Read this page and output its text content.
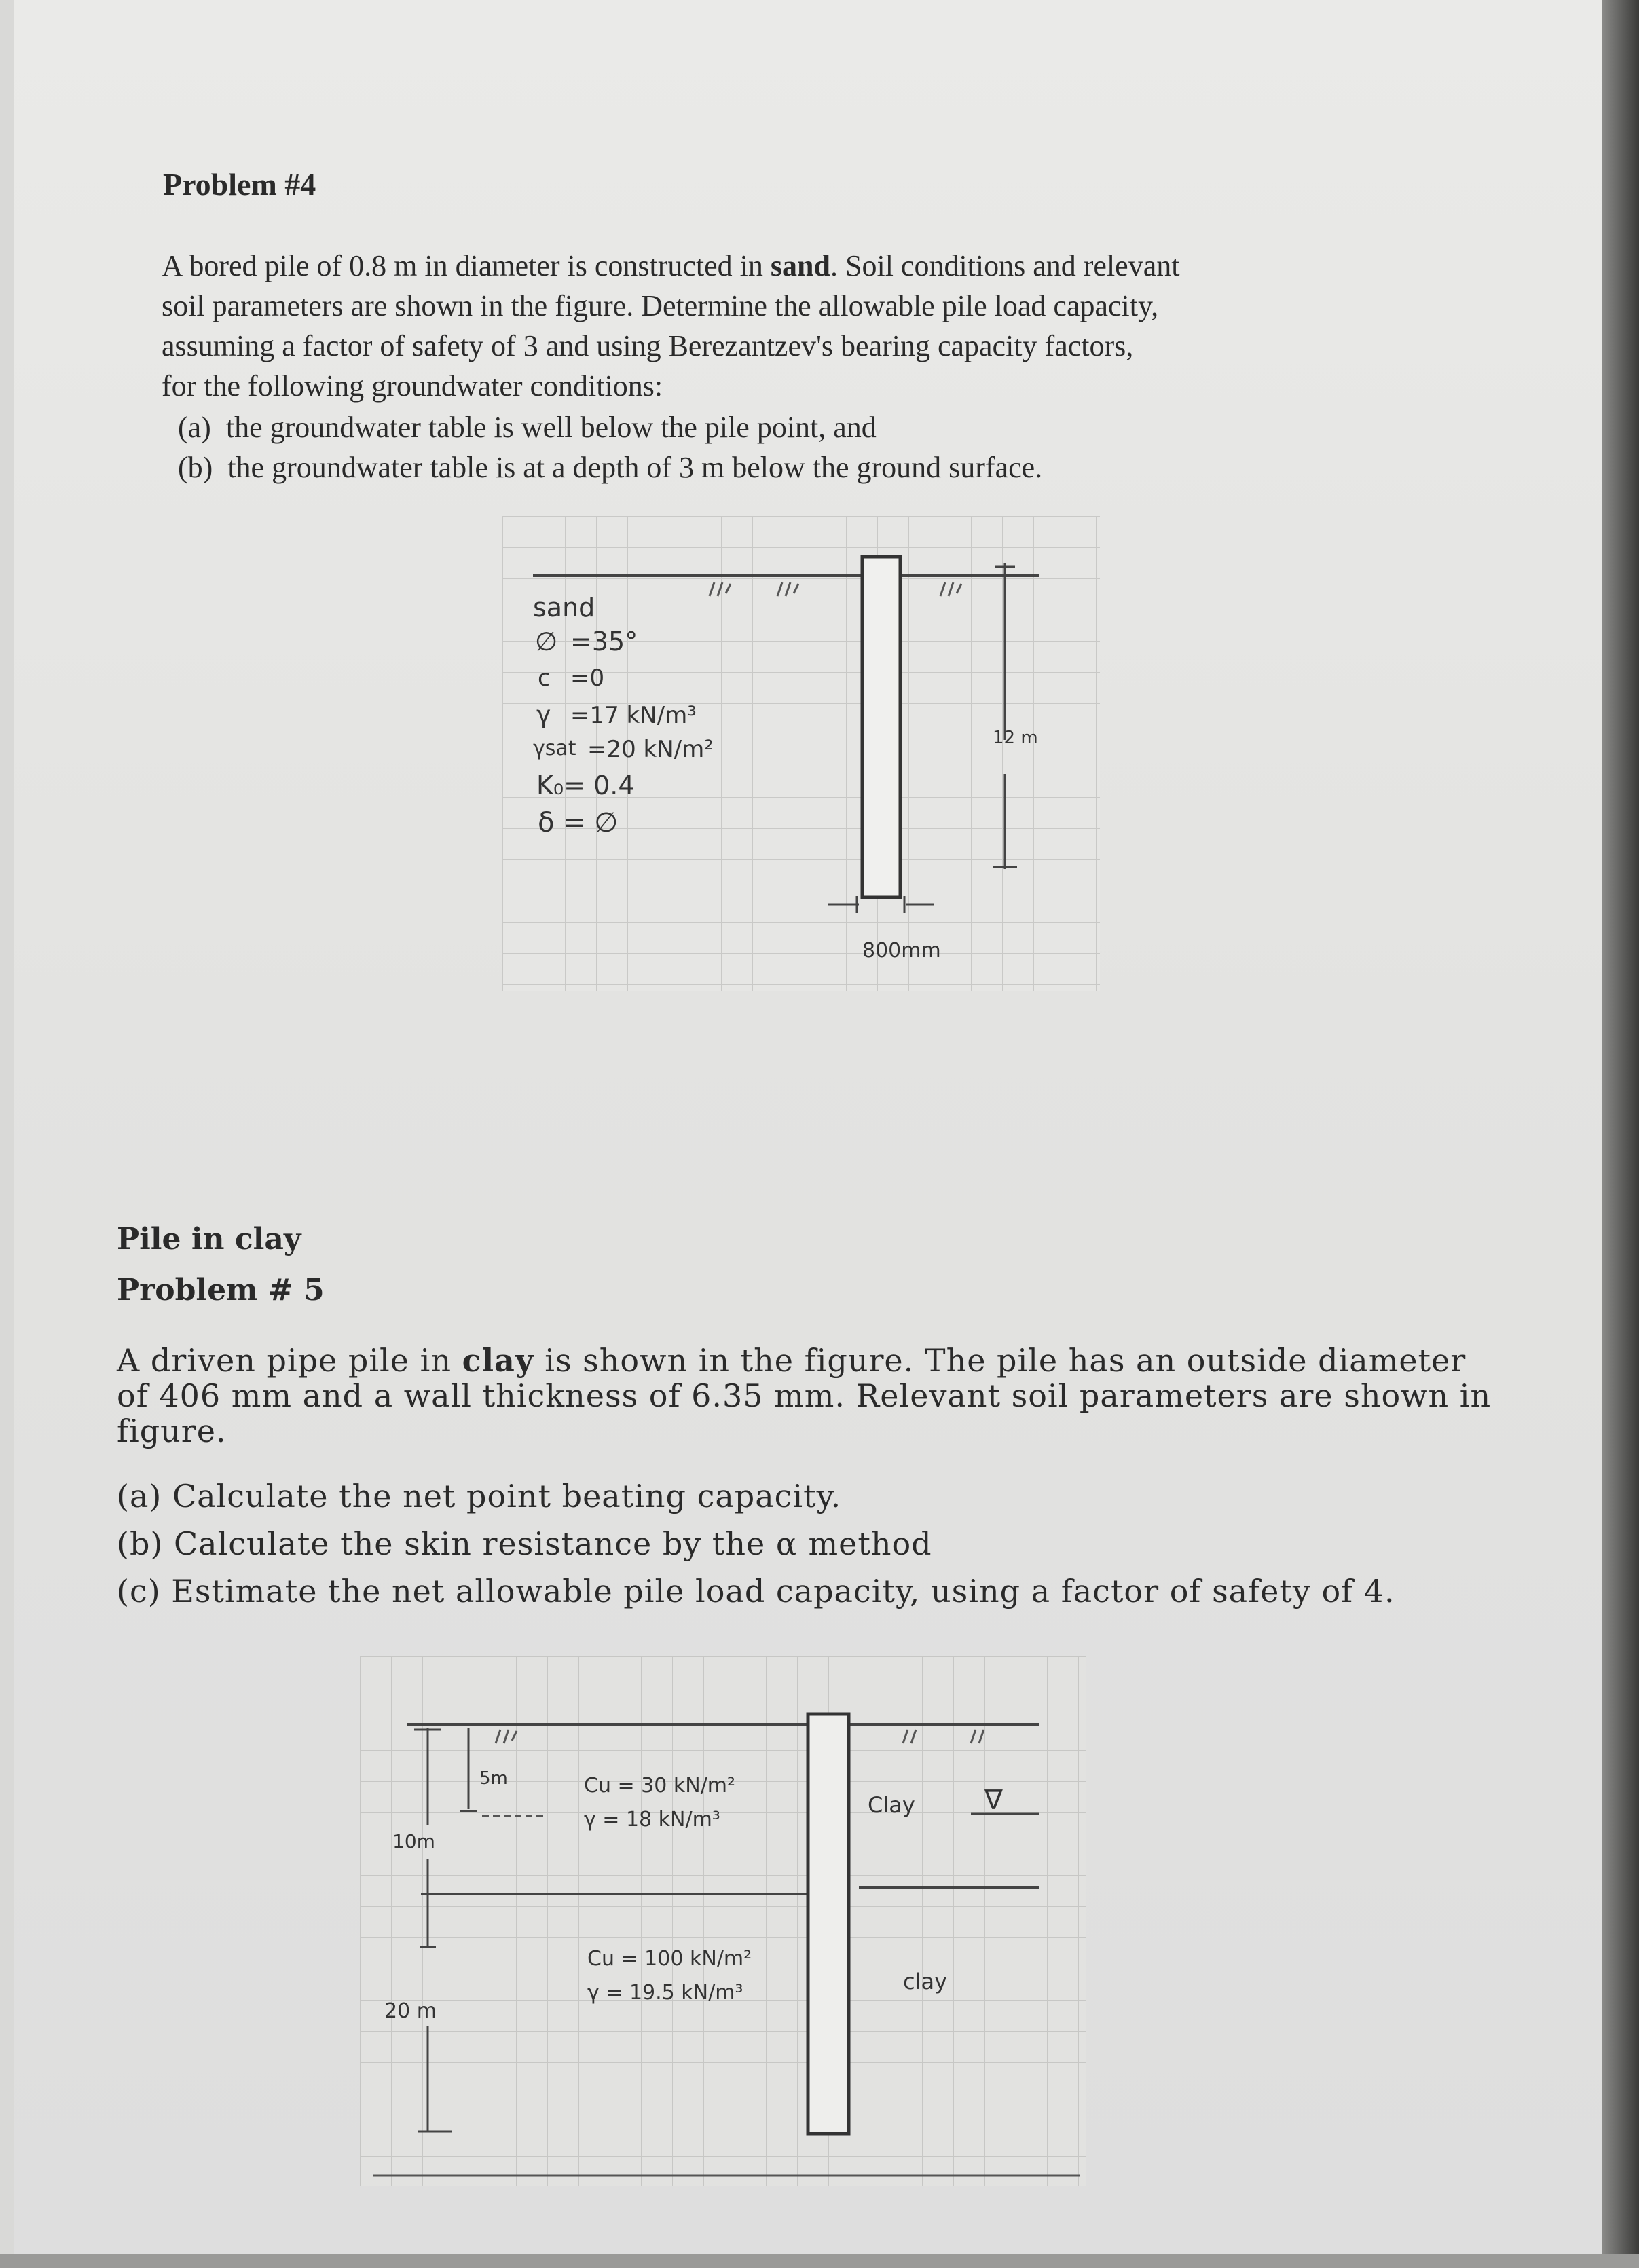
Problem #4
A bored pile of 0.8 m in diameter is constructed in sand. Soil conditions and relevant
soil parameters are shown in the figure. Determine the allowable pile load capacity,
assuming a factor of safety of 3 and using Berezantzev's bearing capacity factors,
for the following groundwater conditions:
(a) the groundwater table is well below the pile point, and
(b) the groundwater table is at a depth of 3 m below the ground surface.
12 m
800mm
sand
∅ =35°
c =0
γ =17 kN/m³
γsat =20 kN/m²
K₀= 0.4
δ = ∅
Pile in clay
Problem # 5
A driven pipe pile in clay is shown in the figure. The pile has an outside diameter
of 406 mm and a wall thickness of 6.35 mm. Relevant soil parameters are shown in
figure.
(a) Calculate the net point beating capacity.
(b) Calculate the skin resistance by the α method
(c) Estimate the net allowable pile load capacity, using a factor of safety of 4.
5m
10m
20 m
Cu = 30 kN/m²
γ = 18 kN/m³
Clay	∇
Cu = 100 kN/m²
γ = 19.5 kN/m³	clay
